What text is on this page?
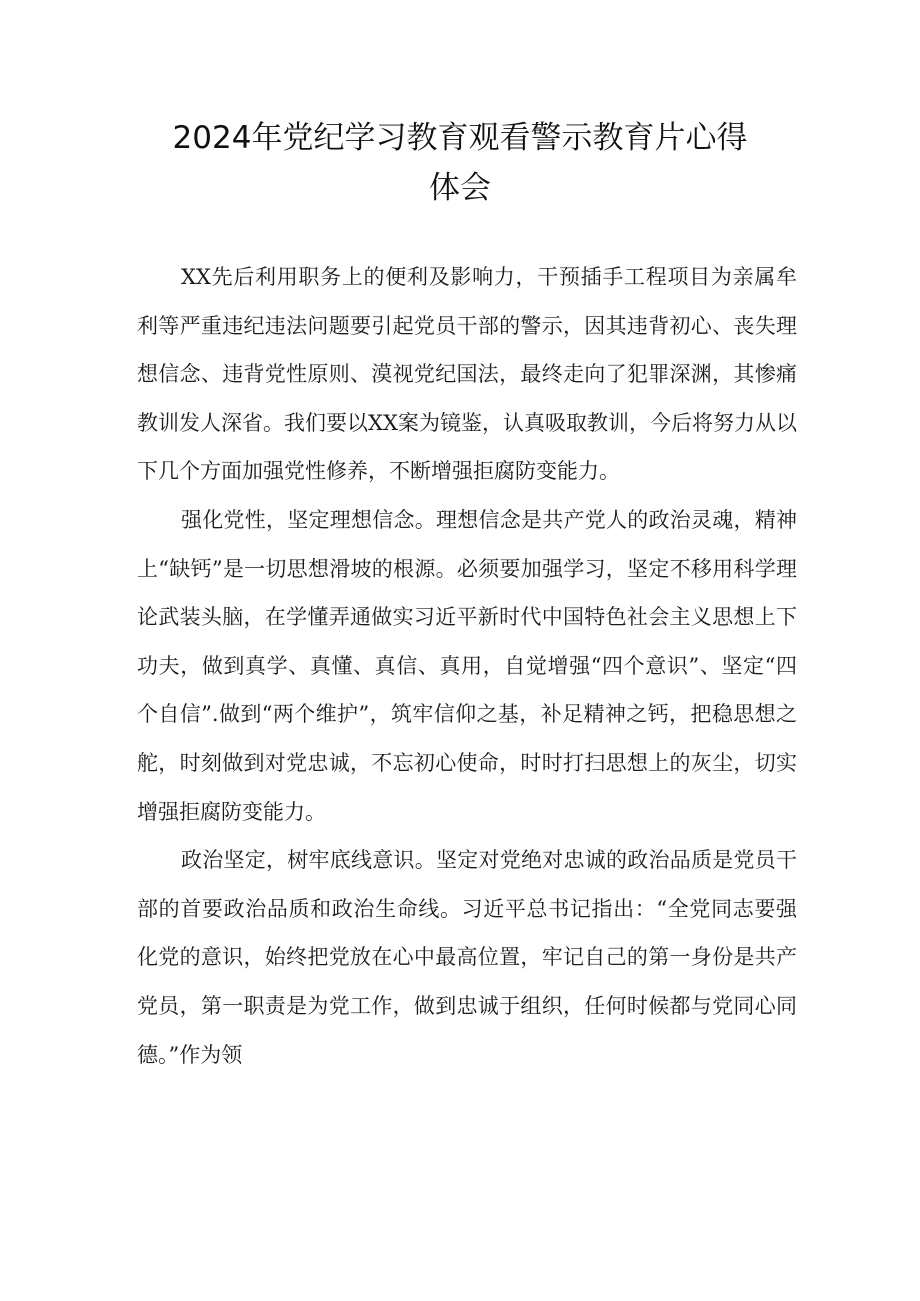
2024年党纪学习教育观看警示教育片心得
体会

XX先后利用职务上的便利及影响力，干预插手工程项目为亲属牟利等严重违纪违法问题要引起党员干部的警示，因其违背初心、丧失理想信念、违背党性原则、漠视党纪国法，最终走向了犯罪深渊，其惨痛教训发人深省。我们要以XX案为镜鉴，认真吸取教训，今后将努力从以下几个方面加强党性修养，不断增强拒腐防变能力。

强化党性，坚定理想信念。理想信念是共产党人的政治灵魂，精神上“缺钙”是一切思想滑坡的根源。必须要加强学习，坚定不移用科学理论武装头脑，在学懂弄通做实习近平新时代中国特色社会主义思想上下功夫，做到真学、真懂、真信、真用，自觉增强“四个意识”、坚定“四个自信”.做到“两个维护”，筑牢信仰之基，补足精神之钙，把稳思想之舵，时刻做到对党忠诚，不忘初心使命，时时打扫思想上的灰尘，切实增强拒腐防变能力。

政治坚定，树牢底线意识。坚定对党绝对忠诚的政治品质是党员干部的首要政治品质和政治生命线。习近平总书记指出：“全党同志要强化党的意识，始终把党放在心中最高位置，牢记自己的第一身份是共产党员，第一职责是为党工作，做到忠诚于组织，任何时候都与党同心同德。”作为领
